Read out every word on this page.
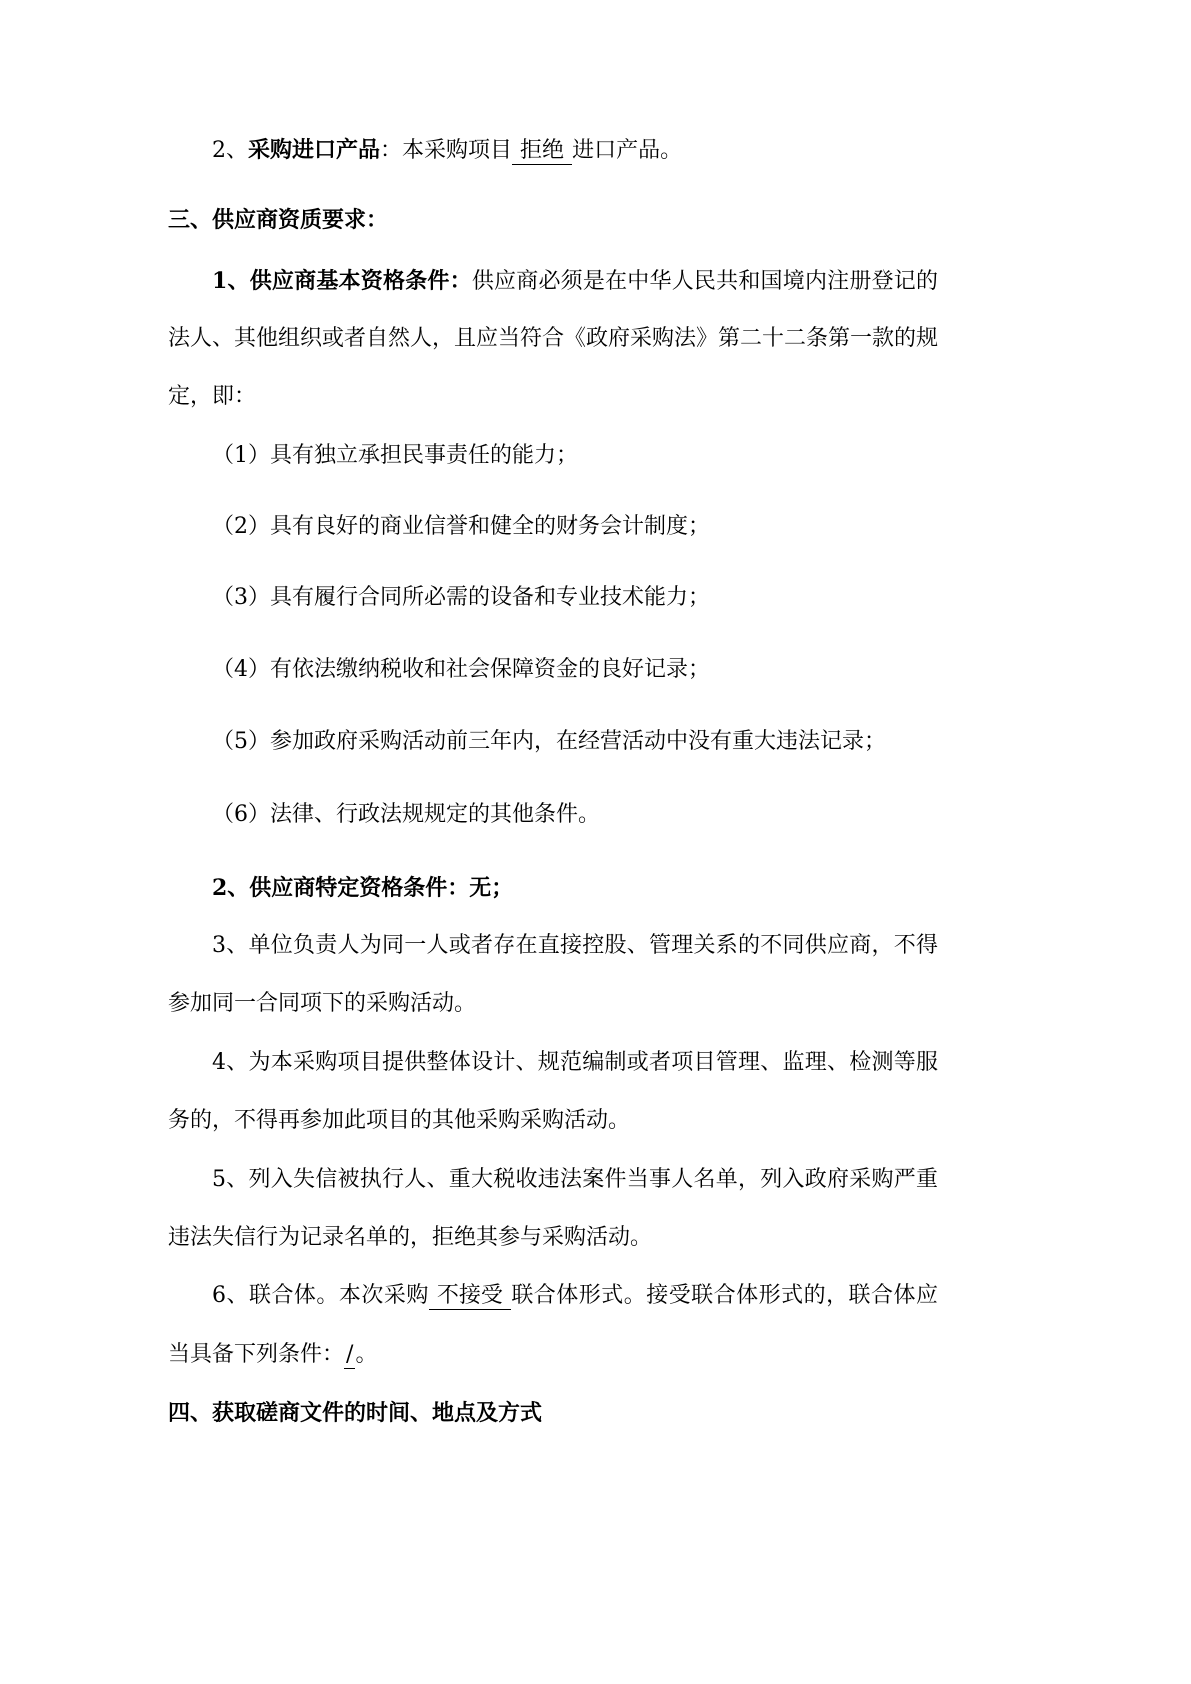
2、采购进口产品：本采购项目 拒绝 进口产品。
三、供应商资质要求：
1、供应商基本资格条件：供应商必须是在中华人民共和国境内注册登记的
法人、其他组织或者自然人，且应当符合《政府采购法》第二十二条第一款的规
定，即：
（1）具有独立承担民事责任的能力；
（2）具有良好的商业信誉和健全的财务会计制度；
（3）具有履行合同所必需的设备和专业技术能力；
（4）有依法缴纳税收和社会保障资金的良好记录；
（5）参加政府采购活动前三年内，在经营活动中没有重大违法记录；
（6）法律、行政法规规定的其他条件。
2、供应商特定资格条件：无；
3、单位负责人为同一人或者存在直接控股、管理关系的不同供应商，不得
参加同一合同项下的采购活动。
4、为本采购项目提供整体设计、规范编制或者项目管理、监理、检测等服
务的，不得再参加此项目的其他采购采购活动。
5、列入失信被执行人、重大税收违法案件当事人名单，列入政府采购严重
违法失信行为记录名单的，拒绝其参与采购活动。
6、联合体。本次采购 不接受 联合体形式。接受联合体形式的，联合体应
当具备下列条件：/。
四、获取磋商文件的时间、地点及方式
